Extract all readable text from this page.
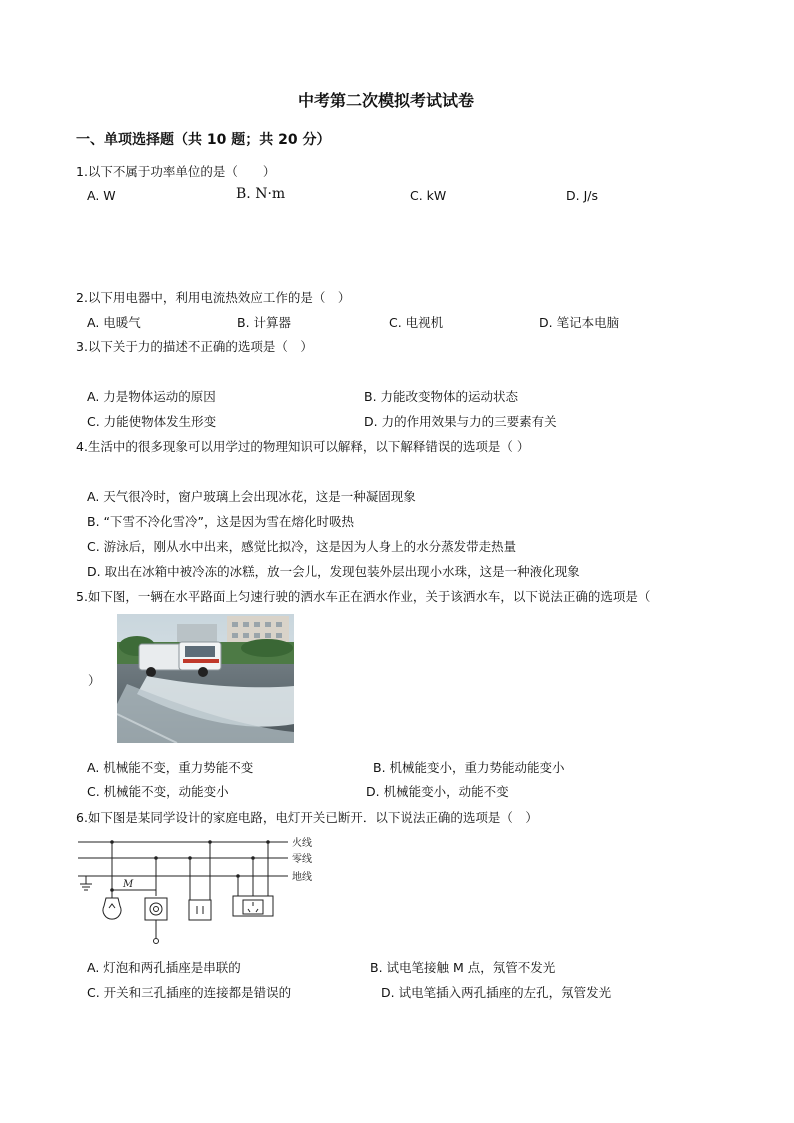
中考第二次模拟考试试卷
一、单项选择题（共 10 题；共 20 分）
1.以下不属于功率单位的是（　　）
A. W	B. N·m	C. kW	D. J/s
2.以下用电器中，利用电流热效应工作的是（　）
A. 电暖气	B. 计算器	C. 电视机	D. 笔记本电脑
3.以下关于力的描述不正确的选项是（　）
A. 力是物体运动的原因	B. 力能改变物体的运动状态
C. 力能使物体发生形变	D. 力的作用效果与力的三要素有关
4.生活中的很多现象可以用学过的物理知识可以解释，以下解释错误的选项是（ ）
A. 天气很冷时，窗户玻璃上会出现冰花，这是一种凝固现象
B. “下雪不冷化雪冷”，这是因为雪在熔化时吸热
C. 游泳后，刚从水中出来，感觉比拟冷，这是因为人身上的水分蒸发带走热量
D. 取出在冰箱中被冷冻的冰糕，放一会儿，发现包装外层出现小水珠，这是一种液化现象
5.如下图，一辆在水平路面上匀速行驶的洒水车正在洒水作业，关于该洒水车，以下说法正确的选项是（
）
A. 机械能不变，重力势能不变	B. 机械能变小，重力势能动能变小
C. 机械能不变，动能变小	D. 机械能变小，动能不变
6.如下图是某同学设计的家庭电路，电灯开关已断开．以下说法正确的选项是（　）
火线
零线
地线
M
A. 灯泡和两孔插座是串联的	B. 试电笔接触 M 点，氖管不发光
C. 开关和三孔插座的连接都是错误的	D. 试电笔插入两孔插座的左孔，氖管发光
